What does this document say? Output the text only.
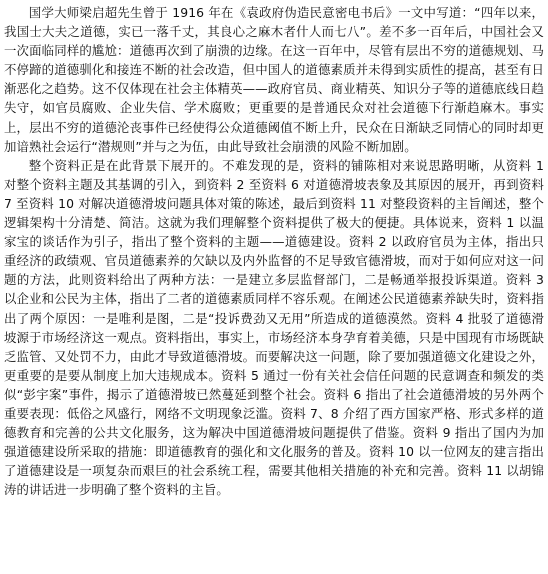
国学大师梁启超先生曾于 1916 年在《袁政府伪造民意密电书后》一文中写道：“四年以来，我国士大夫之道德，实已一落千丈，其良心之麻木者什人而七八”。差不多一百年后，中国社会又一次面临同样的尴尬：道德再次到了崩溃的边缘。在这一百年中，尽管有层出不穷的道德规划、马不停蹄的道德驯化和接连不断的社会改造，但中国人的道德素质并未得到实质性的提高，甚至有日渐恶化之趋势。这不仅体现在社会主体精英——政府官员、商业精英、知识分子等的道德底线日趋失守，如官员腐败、企业失信、学术腐败；更重要的是普通民众对社会道德下行渐趋麻木。事实上，层出不穷的道德沦丧事件已经使得公众道德阈值不断上升，民众在日渐缺乏同情心的同时却更加谙熟社会运行“潜规则”并与之为伍，由此导致社会崩溃的风险不断加剧。

整个资料正是在此背景下展开的。不难发现的是，资料的铺陈相对来说思路明晰，从资料 1 对整个资料主题及其基调的引入，到资料 2 至资料 6 对道德滑坡表象及其原因的展开，再到资料 7 至资料 10 对解决道德滑坡问题具体对策的陈述，最后到资料 11 对整段资料的主旨阐述，整个逻辑架构十分清楚、简洁。这就为我们理解整个资料提供了极大的便捷。具体说来，资料 1 以温家宝的谈话作为引子，指出了整个资料的主题——道德建设。资料 2 以政府官员为主体，指出只重经济的政绩观、官员道德素养的欠缺以及内外监督的不足导致官德滑坡，而对于如何应对这一问题的方法，此则资料给出了两种方法：一是建立多层监督部门，二是畅通举报投诉渠道。资料 3 以企业和公民为主体，指出了二者的道德素质同样不容乐观。在阐述公民道德素养缺失时，资料指出了两个原因：一是唯利是图，二是“投诉费劲又无用”所造成的道德漠然。资料 4 批驳了道德滑坡源于市场经济这一观点。资料指出，事实上，市场经济本身孕育着美德，只是中国现有市场既缺乏监管、又处罚不力，由此才导致道德滑坡。而要解决这一问题，除了要加强道德文化建设之外，更重要的是要从制度上加大违规成本。资料 5 通过一份有关社会信任问题的民意调查和频发的类似“彭宇案”事件，揭示了道德滑坡已然蔓延到整个社会。资料 6 指出了社会道德滑坡的另外两个重要表现：低俗之风盛行，网络不文明现象泛滥。资料 7、8 介绍了西方国家严格、形式多样的道德教育和完善的公共文化服务，这为解决中国道德滑坡问题提供了借鉴。资料 9 指出了国内为加强道德建设所采取的措施：即道德教育的强化和文化服务的普及。资料 10 以一位网友的建言指出了道德建设是一项复杂而艰巨的社会系统工程，需要其他相关措施的补充和完善。资料 11 以胡锦涛的讲话进一步明确了整个资料的主旨。
